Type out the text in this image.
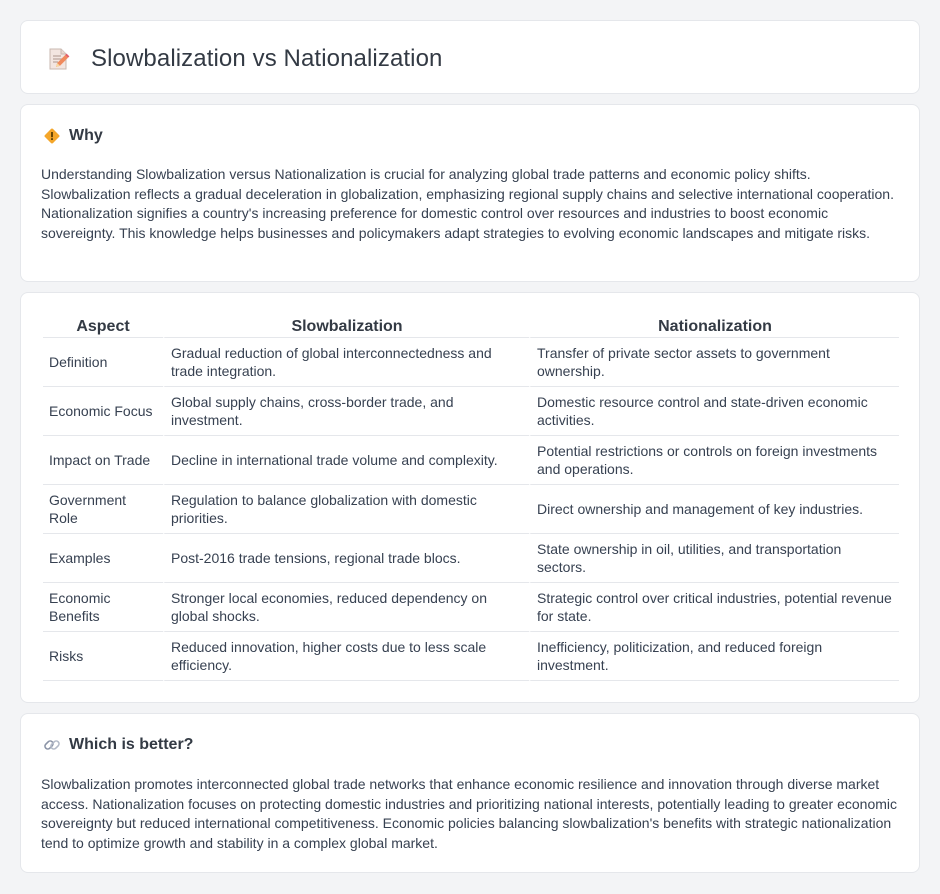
Slowbalization vs Nationalization
Why

Understanding Slowbalization versus Nationalization is crucial for analyzing global trade patterns and economic policy shifts. Slowbalization reflects a gradual deceleration in globalization, emphasizing regional supply chains and selective international cooperation. Nationalization signifies a country's increasing preference for domestic control over resources and industries to boost economic sovereignty. This knowledge helps businesses and policymakers adapt strategies to evolving economic landscapes and mitigate risks.

Aspect	Slowbalization	Nationalization
Definition	Gradual reduction of global interconnectedness and trade integration.	Transfer of private sector assets to government ownership.
Economic Focus	Global supply chains, cross-border trade, and investment.	Domestic resource control and state-driven economic activities.
Impact on Trade	Decline in international trade volume and complexity.	Potential restrictions or controls on foreign investments and operations.
Government Role	Regulation to balance globalization with domestic priorities.	Direct ownership and management of key industries.
Examples	Post-2016 trade tensions, regional trade blocs.	State ownership in oil, utilities, and transportation sectors.
Economic Benefits	Stronger local economies, reduced dependency on global shocks.	Strategic control over critical industries, potential revenue for state.
Risks	Reduced innovation, higher costs due to less scale efficiency.	Inefficiency, politicization, and reduced foreign investment.
Which is better?

Slowbalization promotes interconnected global trade networks that enhance economic resilience and innovation through diverse market access. Nationalization focuses on protecting domestic industries and prioritizing national interests, potentially leading to greater economic sovereignty but reduced international competitiveness. Economic policies balancing slowbalization's benefits with strategic nationalization tend to optimize growth and stability in a complex global market.
